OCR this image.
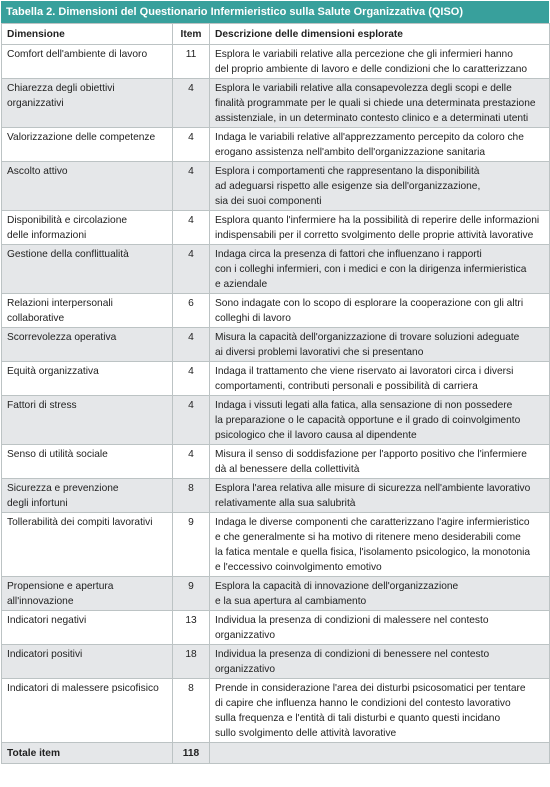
Tabella 2. Dimensioni del Questionario Infermieristico sulla Salute Organizzativa (QISO)
Dimensione	Item	Descrizione delle dimensioni esplorate

Comfort dell'ambiente di lavoro	11	Esplora le variabili relative alla percezione che gli infermieri hanno
del proprio ambiente di lavoro e delle condizioni che lo caratterizzano

Chiarezza degli obiettivi
organizzativi	4	Esplora le variabili relative alla consapevolezza degli scopi e delle
finalità programmate per le quali si chiede una determinata prestazione
assistenziale, in un determinato contesto clinico e a determinati utenti

Valorizzazione delle competenze	4	Indaga le variabili relative all'apprezzamento percepito da coloro che
erogano assistenza nell'ambito dell'organizzazione sanitaria

Ascolto attivo	4	Esplora i comportamenti che rappresentano la disponibilità
ad adeguarsi rispetto alle esigenze sia dell'organizzazione,
sia dei suoi componenti

Disponibilità e circolazione
delle informazioni	4	Esplora quanto l'infermiere ha la possibilità di reperire delle informazioni
indispensabili per il corretto svolgimento delle proprie attività lavorative

Gestione della conflittualità	4	Indaga circa la presenza di fattori che influenzano i rapporti
con i colleghi infermieri, con i medici e con la dirigenza infermieristica
e aziendale

Relazioni interpersonali
collaborative	6	Sono indagate con lo scopo di esplorare la cooperazione con gli altri
colleghi di lavoro

Scorrevolezza operativa	4	Misura la capacità dell'organizzazione di trovare soluzioni adeguate
ai diversi problemi lavorativi che si presentano

Equità organizzativa	4	Indaga il trattamento che viene riservato ai lavoratori circa i diversi
comportamenti, contributi personali e possibilità di carriera

Fattori di stress	4	Indaga i vissuti legati alla fatica, alla sensazione di non possedere
la preparazione o le capacità opportune e il grado di coinvolgimento
psicologico che il lavoro causa al dipendente

Senso di utilità sociale	4	Misura il senso di soddisfazione per l'apporto positivo che l'infermiere
dà al benessere della collettività

Sicurezza e prevenzione
degli infortuni	8	Esplora l'area relativa alle misure di sicurezza nell'ambiente lavorativo
relativamente alla sua salubrità

Tollerabilità dei compiti lavorativi	9	Indaga le diverse componenti che caratterizzano l'agire infermieristico
e che generalmente si ha motivo di ritenere meno desiderabili come
la fatica mentale e quella fisica, l'isolamento psicologico, la monotonia
e l'eccessivo coinvolgimento emotivo

Propensione e apertura
all'innovazione	9	Esplora la capacità di innovazione dell'organizzazione
e la sua apertura al cambiamento

Indicatori negativi	13	Individua la presenza di condizioni di malessere nel contesto
organizzativo

Indicatori positivi	18	Individua la presenza di condizioni di benessere nel contesto
organizzativo

Indicatori di malessere psicofisico	8	Prende in considerazione l'area dei disturbi psicosomatici per tentare
di capire che influenza hanno le condizioni del contesto lavorativo
sulla frequenza e l'entità di tali disturbi e quanto questi incidano
sullo svolgimento delle attività lavorative

Totale item	118	
